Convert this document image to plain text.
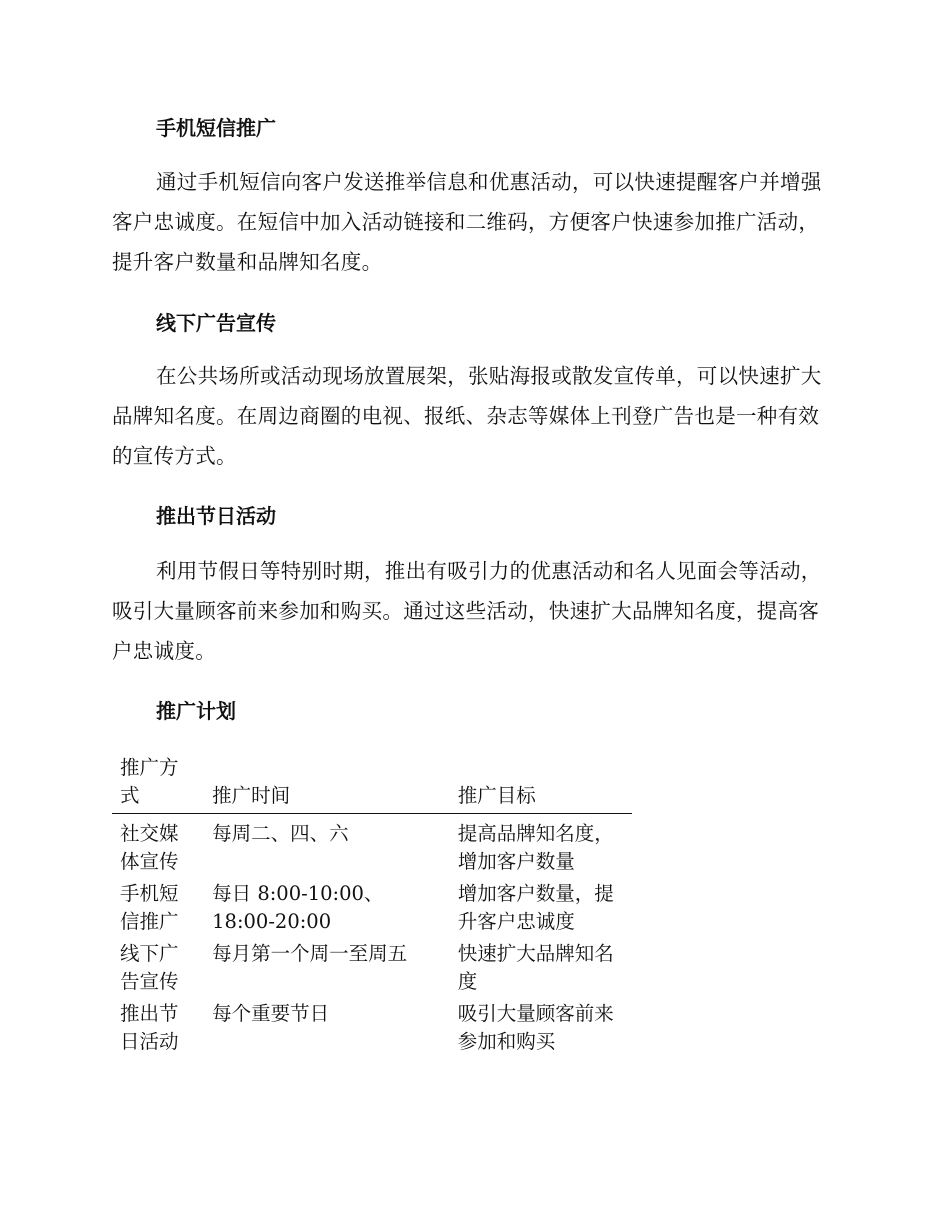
手机短信推广

通过手机短信向客户发送推举信息和优惠活动，可以快速提醒客户并增强客户忠诚度。在短信中加入活动链接和二维码，方便客户快速参加推广活动，提升客户数量和品牌知名度。

线下广告宣传

在公共场所或活动现场放置展架，张贴海报或散发宣传单，可以快速扩大品牌知名度。在周边商圈的电视、报纸、杂志等媒体上刊登广告也是一种有效的宣传方式。

推出节日活动

利用节假日等特别时期，推出有吸引力的优惠活动和名人见面会等活动，吸引大量顾客前来参加和购买。通过这些活动，快速扩大品牌知名度，提高客户忠诚度。

推广计划
推广方式	推广时间	推广目标
社交媒体宣传	每周二、四、六	提高品牌知名度，增加客户数量
手机短信推广	每日 8:00-10:00、18:00-20:00	增加客户数量，提升客户忠诚度
线下广告宣传	每月第一个周一至周五	快速扩大品牌知名度
推出节日活动	每个重要节日	吸引大量顾客前来参加和购买
